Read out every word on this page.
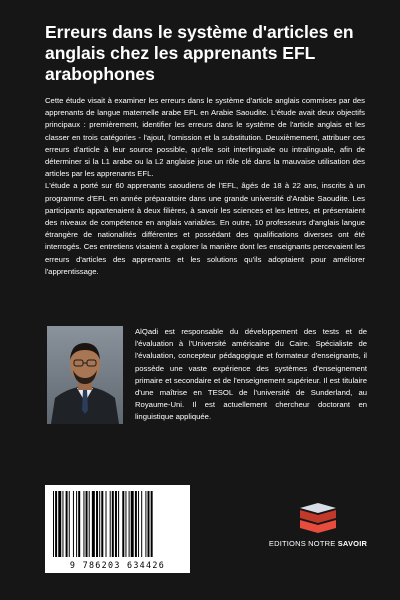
Erreurs dans le système d'articles en anglais chez les apprenants EFL arabophones

Cette étude visait à examiner les erreurs dans le système d'article anglais commises par des apprenants de langue maternelle arabe EFL en Arabie Saoudite. L'étude avait deux objectifs principaux : premièrement, identifier les erreurs dans le système de l'article anglais et les classer en trois catégories - l'ajout, l'omission et la substitution. Deuxièmement, attribuer ces erreurs d'article à leur source possible, qu'elle soit interlinguale ou intralinguale, afin de déterminer si la L1 arabe ou la L2 anglaise joue un rôle clé dans la mauvaise utilisation des articles par les apprenants EFL.

L'étude a porté sur 60 apprenants saoudiens de l'EFL, âgés de 18 à 22 ans, inscrits à un programme d'EFL en année préparatoire dans une grande université d'Arabie Saoudite. Les participants appartenaient à deux filières, à savoir les sciences et les lettres, et présentaient des niveaux de compétence en anglais variables. En outre, 10 professeurs d'anglais langue étrangère de nationalités différentes et possédant des qualifications diverses ont été interrogés. Ces entretiens visaient à explorer la manière dont les enseignants percevaient les erreurs d'articles des apprenants et les solutions qu'ils adoptaient pour améliorer l'apprentissage.

AlQadi est responsable du développement des tests et de l'évaluation à l'Université américaine du Caire. Spécialiste de l'évaluation, concepteur pédagogique et formateur d'enseignants, il possède une vaste expérience des systèmes d'enseignement primaire et secondaire et de l'enseignement supérieur. Il est titulaire d'une maîtrise en TESOL de l'université de Sunderland, au Royaume-Uni. Il est actuellement chercheur doctorant en linguistique appliquée.

9 786203 634426
EDITIONS NOTRE SAVOIR
